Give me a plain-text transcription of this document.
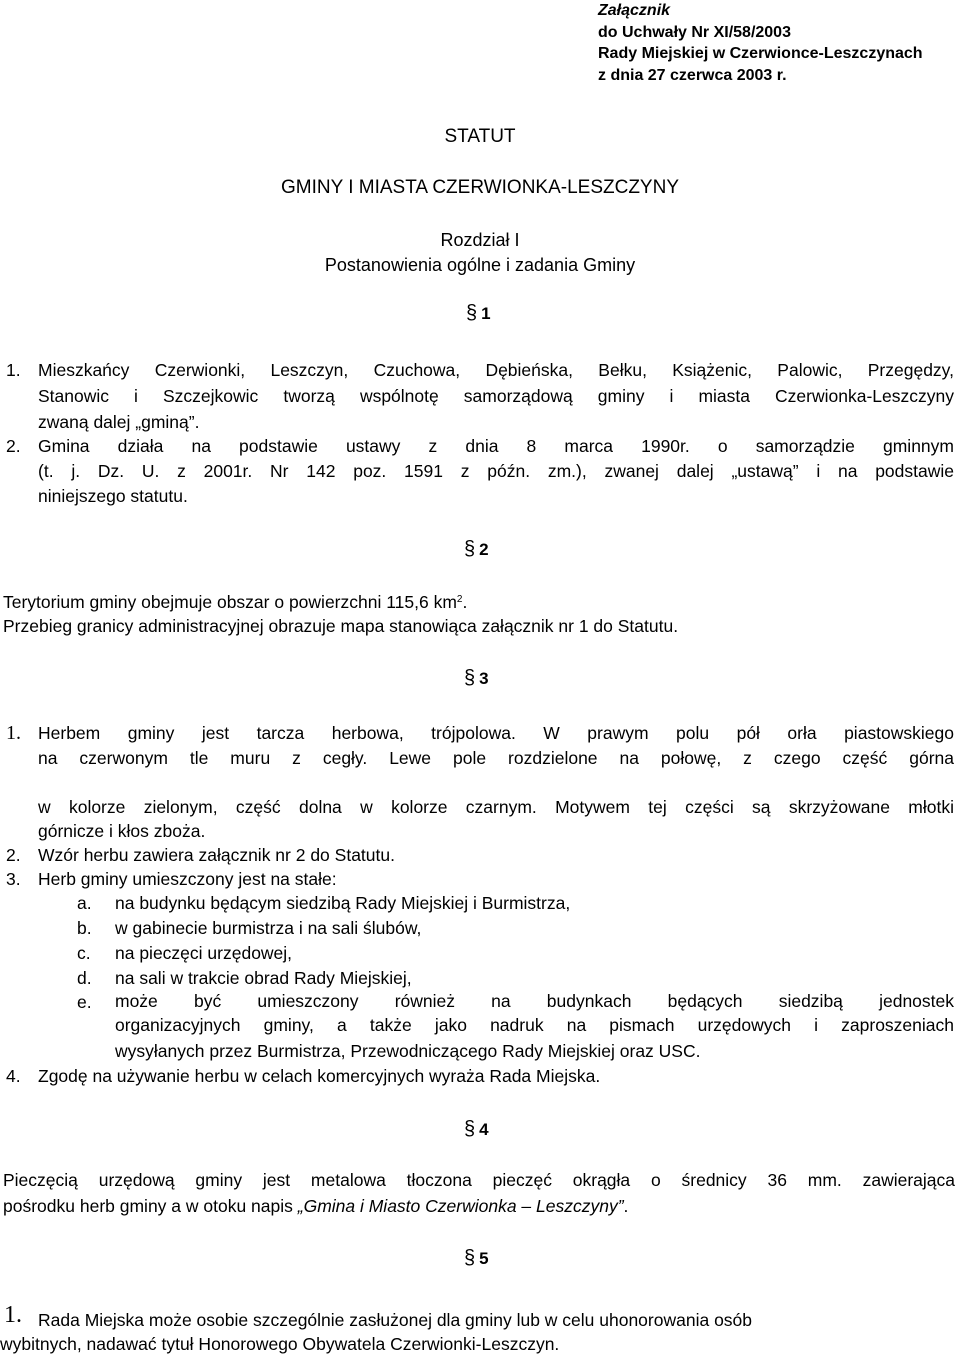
Załącznik
do Uchwały Nr XI/58/2003
Rady Miejskiej w Czerwionce-Leszczynach
z dnia 27 czerwca 2003 r.
STATUT
GMINY I MIASTA CZERWIONKA-LESZCZYNY
Rozdział I
Postanowienia ogólne i zadania Gminy
§ 1
1. Mieszkańcy Czerwionki, Leszczyn, Czuchowa, Dębieńska, Bełku, Książenic, Palowic, Przegędzy,
Stanowic i Szczejkowic tworzą wspólnotę samorządową gminy i miasta Czerwionka-Leszczyny
zwaną dalej „gminą”.
2. Gmina działa na podstawie ustawy z dnia 8 marca 1990r. o samorządzie gminnym
(t. j. Dz. U. z 2001r. Nr 142 poz. 1591 z późn. zm.), zwanej dalej „ustawą” i na podstawie
niniejszego statutu.
§ 2
Terytorium gminy obejmuje obszar o powierzchni 115,6 $km^2$.
Przebieg granicy administracyjnej obrazuje mapa stanowiąca załącznik nr 1 do Statutu.
§ 3
1. Herbem gminy jest tarcza herbowa, trójpolowa. W prawym polu pół orła piastowskiego
na czerwonym tle muru z cegły. Lewe pole rozdzielone na połowę, z czego część górna
w kolorze zielonym, część dolna w kolorze czarnym. Motywem tej części są skrzyżowane młotki
górnicze i kłos zboża.
2. Wzór herbu zawiera załącznik nr 2 do Statutu.
3. Herb gminy umieszczony jest na stałe:
a. na budynku będącym siedzibą Rady Miejskiej i Burmistrza,
b. w gabinecie burmistrza i na sali ślubów,
c. na pieczęci urzędowej,
d. na sali w trakcie obrad Rady Miejskiej,
e. może być umieszczony również na budynkach będących siedzibą jednostek
organizacyjnych gminy, a także jako nadruk na pismach urzędowych i zaproszeniach
wysyłanych przez Burmistrza, Przewodniczącego Rady Miejskiej oraz USC.
4. Zgodę na używanie herbu w celach komercyjnych wyraża Rada Miejska.
§ 4
Pieczęcią urzędową gminy jest metalowa tłoczona pieczęć okrągła o średnicy 36 mm. zawierająca
pośrodku herb gminy a w otoku napis „Gmina i Miasto Czerwionka – Leszczyny”.
§ 5
1. Rada Miejska może osobie szczególnie zasłużonej dla gminy lub w celu uhonorowania osób
wybitnych, nadawać tytuł Honorowego Obywatela Czerwionki-Leszczyn.
